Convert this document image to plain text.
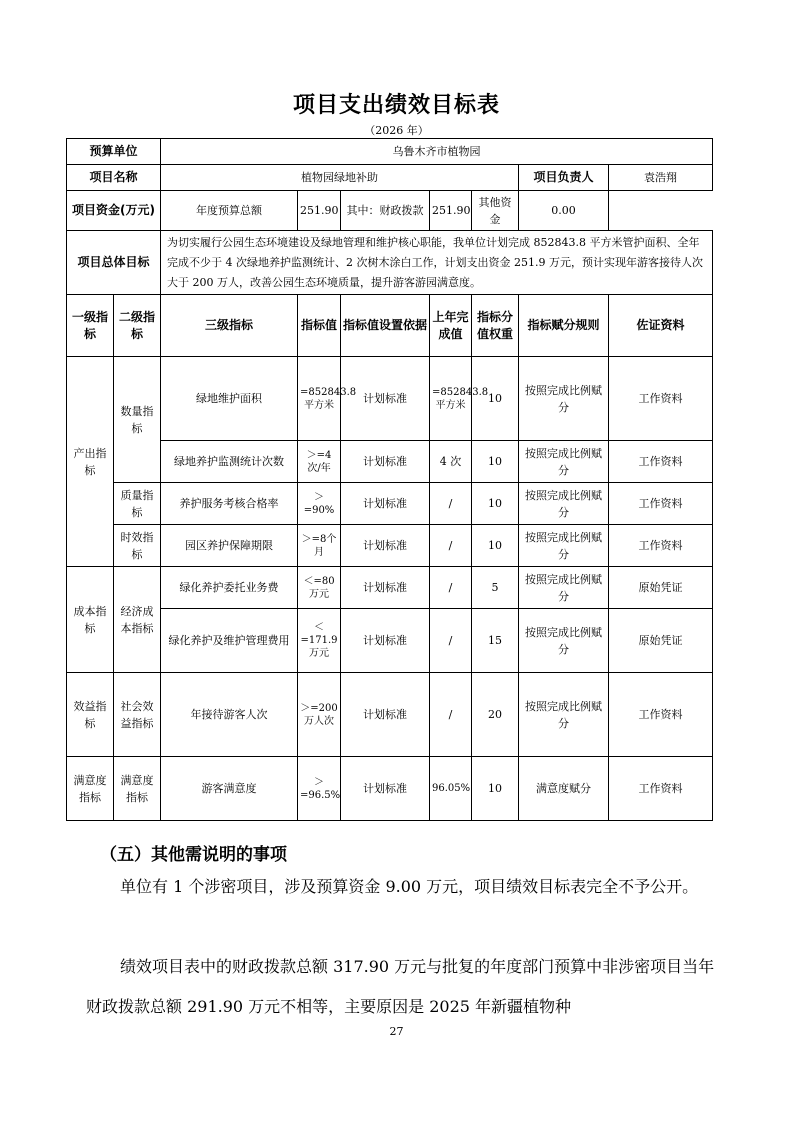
项目支出绩效目标表
（2026 年）
预算单位		乌鲁木齐市植物园						
项目名称		植物园绿地补助					项目负责人	袁浩翔
项目资金(万元)		年度预算总额	251.90	其中：财政拨款	251.90	其他资金	0.00	
项目总体目标		为切实履行公园生态环境建设及绿地管理和维护核心职能，我单位计划完成 852843.8 平方米管护面积、全年完成不少于 4 次绿地养护监测统计、2 次树木涂白工作，计划支出资金 251.9 万元，预计实现年游客接待人次大于 200 万人，改善公园生态环境质量，提升游客游园满意度。						
一级指标	二级指标	三级指标	指标值	指标值设置依据	上年完成值	指标分值权重	指标赋分规则	佐证资料
产出指标	数量指标	绿地维护面积	=852843.8平方米	计划标准	=852843.8平方米	10	按照完成比例赋分	工作资料
		绿地养护监测统计次数	＞=4次/年	计划标准	4 次	10	按照完成比例赋分	工作资料
	质量指标	养护服务考核合格率	＞=90%	计划标准	/	10	按照完成比例赋分	工作资料
	时效指标	园区养护保障期限	＞=8个月	计划标准	/	10	按照完成比例赋分	工作资料
成本指标	经济成本指标	绿化养护委托业务费	＜=80万元	计划标准	/	5	按照完成比例赋分	原始凭证
		绿化养护及维护管理费用	＜=171.9万元	计划标准	/	15	按照完成比例赋分	原始凭证
效益指标	社会效益指标	年接待游客人次	＞=200万人次	计划标准	/	20	按照完成比例赋分	工作资料
满意度指标	满意度指标	游客满意度	＞=96.5%	计划标准	96.05%	10	满意度赋分	工作资料
（五）其他需说明的事项
单位有 1 个涉密项目，涉及预算资金 9.00 万元，项目绩效目标表完全不予公开。
绩效项目表中的财政拨款总额 317.90 万元与批复的年度部门预算中非涉密项目当年财政拨款总额 291.90 万元不相等，主要原因是 2025 年新疆植物种
27
